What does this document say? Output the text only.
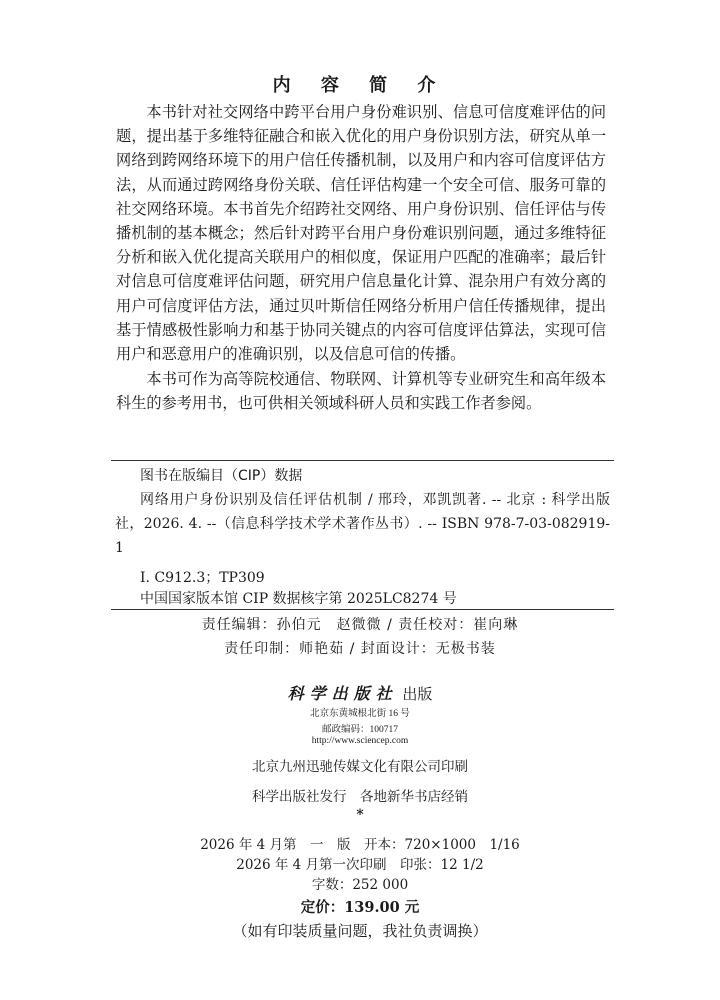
内 容 简 介

本书针对社交网络中跨平台用户身份难识别、信息可信度难评估的问题，提出基于多维特征融合和嵌入优化的用户身份识别方法，研究从单一网络到跨网络环境下的用户信任传播机制，以及用户和内容可信度评估方法，从而通过跨网络身份关联、信任评估构建一个安全可信、服务可靠的社交网络环境。本书首先介绍跨社交网络、用户身份识别、信任评估与传播机制的基本概念；然后针对跨平台用户身份难识别问题，通过多维特征分析和嵌入优化提高关联用户的相似度，保证用户匹配的准确率；最后针对信息可信度难评估问题，研究用户信息量化计算、混杂用户有效分离的用户可信度评估方法，通过贝叶斯信任网络分析用户信任传播规律，提出基于情感极性影响力和基于协同关键点的内容可信度评估算法，实现可信用户和恶意用户的准确识别，以及信息可信的传播。

本书可作为高等院校通信、物联网、计算机等专业研究生和高年级本科生的参考用书，也可供相关领域科研人员和实践工作者参阅。

图书在版编目（CIP）数据

网络用户身份识别及信任评估机制 / 邢玲，邓凯凯著. -- 北京 : 科学出版社，2026. 4. --（信息科学技术学术著作丛书）. -- ISBN 978-7-03-082919-1

Ⅰ. C912.3；TP309
中国国家版本馆 CIP 数据核字第 2025LC8274 号
责任编辑：孙伯元　赵微微 / 责任校对：崔向琳
责任印制：师艳茹 / 封面设计：无极书装
科学出版社 出版
北京东黄城根北街 16 号
邮政编码：100717
http://www.sciencep.com
北京九州迅驰传媒文化有限公司印刷
科学出版社发行　各地新华书店经销
*
2026 年 4 月第　一　版　开本：720×1000　1/16
2026 年 4 月第一次印刷　印张：12 1/2
字数：252 000
定价：139.00 元
（如有印装质量问题，我社负责调换）
